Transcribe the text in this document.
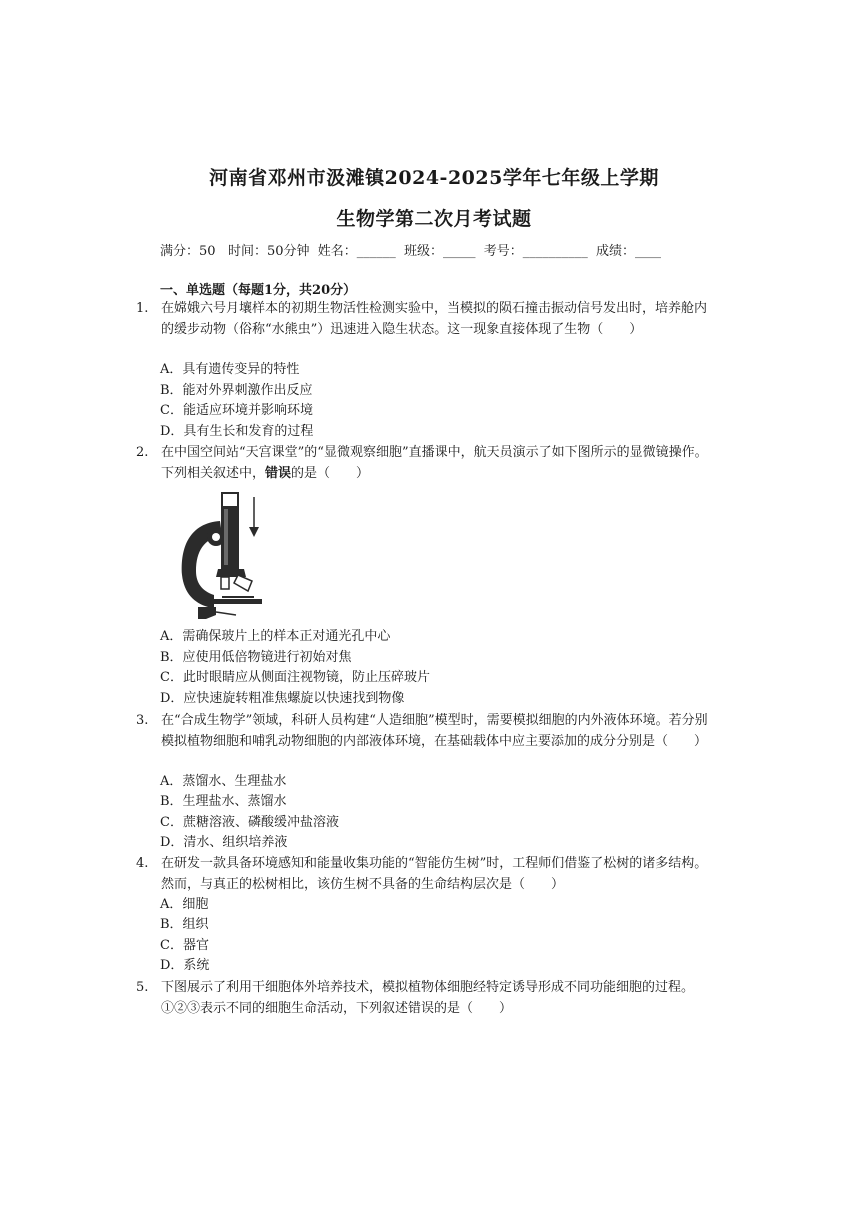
河南省邓州市汲滩镇2024-2025学年七年级上学期
生物学第二次月考试题
满分：50   时间：50分钟  姓名：______  班级：_____  考号：__________  成绩：____
一、单选题（每题1分，共20分）
1. 在嫦娥六号月壤样本的初期生物活性检测实验中，当模拟的陨石撞击振动信号发出时，培养舱内的缓步动物（俗称“水熊虫”）迅速进入隐生状态。这一现象直接体现了生物（　　）
A．具有遗传变异的特性
B．能对外界刺激作出反应
C．能适应环境并影响环境
D．具有生长和发育的过程
2. 在中国空间站“天宫课堂”的“显微观察细胞”直播课中，航天员演示了如下图所示的显微镜操作。下列相关叙述中，错误的是（　　）
A．需确保玻片上的样本正对通光孔中心
B．应使用低倍物镜进行初始对焦
C．此时眼睛应从侧面注视物镜，防止压碎玻片
D．应快速旋转粗准焦螺旋以快速找到物像
3. 在“合成生物学”领域，科研人员构建“人造细胞”模型时，需要模拟细胞的内外液体环境。若分别模拟植物细胞和哺乳动物细胞的内部液体环境，在基础载体中应主要添加的成分分别是（　　）
A．蒸馏水、生理盐水
B．生理盐水、蒸馏水
C．蔗糖溶液、磷酸缓冲盐溶液
D．清水、组织培养液
4. 在研发一款具备环境感知和能量收集功能的“智能仿生树”时，工程师们借鉴了松树的诸多结构。然而，与真正的松树相比，该仿生树不具备的生命结构层次是（　　）
A．细胞
B．组织
C．器官
D．系统
5. 下图展示了利用干细胞体外培养技术，模拟植物体细胞经特定诱导形成不同功能细胞的过程。①②③表示不同的细胞生命活动，下列叙述错误的是（　　）
